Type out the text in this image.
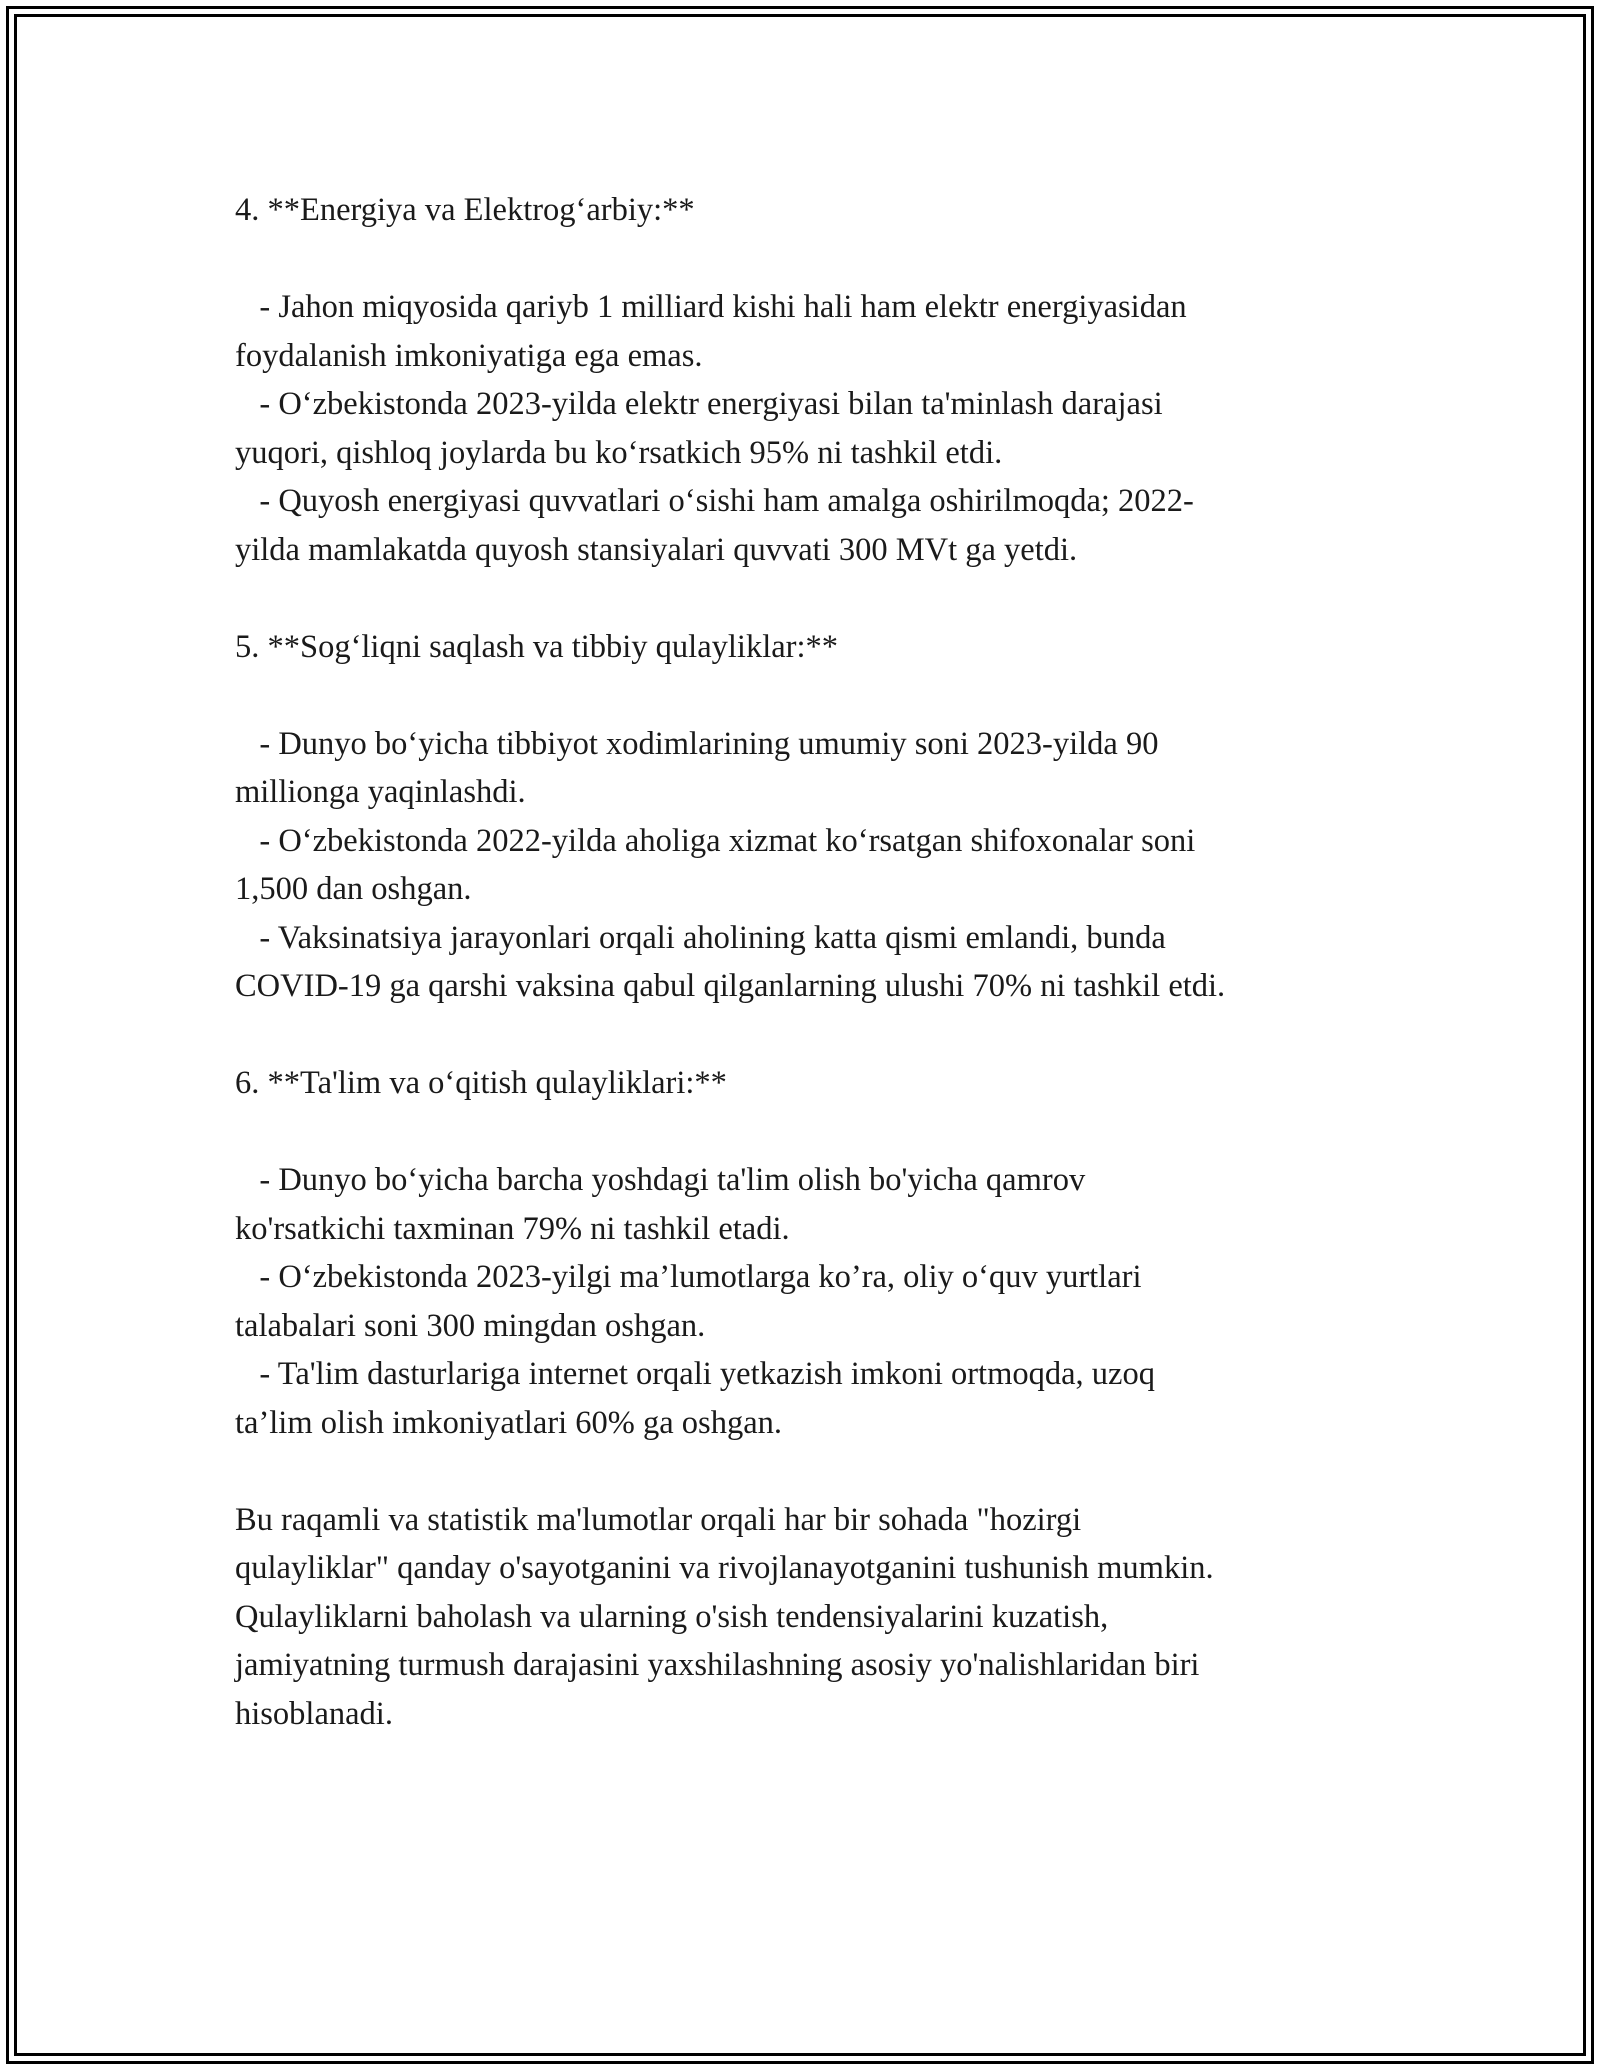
4. **Energiya va Elektrog‘arbiy:**
- Jahon miqyosida qariyb 1 milliard kishi hali ham elektr energiyasidan
foydalanish imkoniyatiga ega emas.
- O‘zbekistonda 2023-yilda elektr energiyasi bilan ta'minlash darajasi
yuqori, qishloq joylarda bu ko‘rsatkich 95% ni tashkil etdi.
- Quyosh energiyasi quvvatlari o‘sishi ham amalga oshirilmoqda; 2022-
yilda mamlakatda quyosh stansiyalari quvvati 300 MVt ga yetdi.
5. **Sog‘liqni saqlash va tibbiy qulayliklar:**
- Dunyo bo‘yicha tibbiyot xodimlarining umumiy soni 2023-yilda 90
millionga yaqinlashdi.
- O‘zbekistonda 2022-yilda aholiga xizmat ko‘rsatgan shifoxonalar soni
1,500 dan oshgan.
- Vaksinatsiya jarayonlari orqali aholining katta qismi emlandi, bunda
COVID-19 ga qarshi vaksina qabul qilganlarning ulushi 70% ni tashkil etdi.
6. **Ta'lim va o‘qitish qulayliklari:**
- Dunyo bo‘yicha barcha yoshdagi ta'lim olish bo'yicha qamrov
ko'rsatkichi taxminan 79% ni tashkil etadi.
- O‘zbekistonda 2023-yilgi ma’lumotlarga ko’ra, oliy o‘quv yurtlari
talabalari soni 300 mingdan oshgan.
- Ta'lim dasturlariga internet orqali yetkazish imkoni ortmoqda, uzoq
ta’lim olish imkoniyatlari 60% ga oshgan.
Bu raqamli va statistik ma'lumotlar orqali har bir sohada "hozirgi
qulayliklar" qanday o'sayotganini va rivojlanayotganini tushunish mumkin.
Qulayliklarni baholash va ularning o'sish tendensiyalarini kuzatish,
jamiyatning turmush darajasini yaxshilashning asosiy yo'nalishlaridan biri
hisoblanadi.
